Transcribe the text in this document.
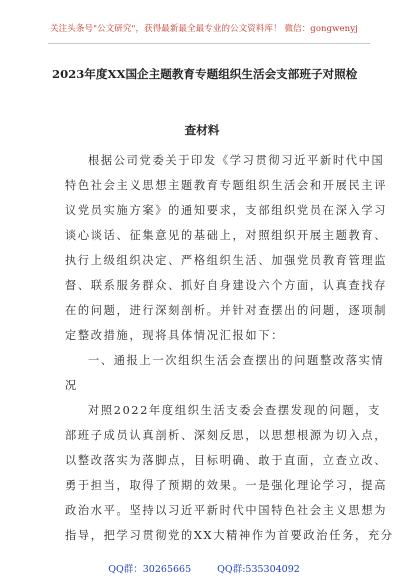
关注头条号"公文研究"，获得最新最全最专业的公文资料库！ 微信：gongwenyj
2023年度XX国企主题教育专题组织生活会支部班子对照检
查材料
根据公司党委关于印发《学习贯彻习近平新时代中国
特色社会主义思想主题教育专题组织生活会和开展民主评
议党员实施方案》的通知要求，支部组织党员在深入学习
谈心谈话、征集意见的基础上，对照组织开展主题教育、
执行上级组织决定、严格组织生活、加强党员教育管理监
督、联系服务群众、抓好自身建设六个方面，认真查找存
在的问题，进行深刻剖析。并针对查摆出的问题，逐项制
定整改措施，现将具体情况汇报如下：
一、通报上一次组织生活会查摆出的问题整改落实情
况
对照2022年度组织生活支委会查摆发现的问题，支
部班子成员认真剖析、深刻反思，以思想根源为切入点，
以整改落实为落脚点，目标明确、敢于直面，立查立改、
勇于担当，取得了预期的效果。一是强化理论学习，提高
政治水平。坚持以习近平新时代中国特色社会主义思想为
指导，把学习贯彻党的XX大精神作为首要政治任务，充分
QQ群：30265665	QQ群:535304092
